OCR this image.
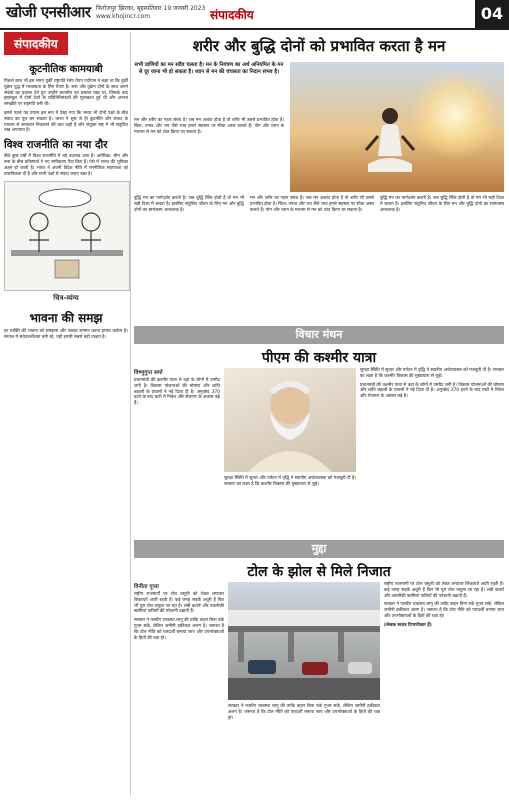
खोजी एनसीआर फिरोजपुर झिरका, बृहस्पतिवार 19 जनवरी 2023
www.khojincr.com	संपादकीय	04
संपादकीय
कूटनीतिक कामयाबी
पिछले साल भी इस समय तुर्की राष्ट्रपति रेचेप तैयप एर्दोगान ने कहा था कि तुर्की यूक्रेन युद्ध में मध्यस्थता के लिए तैयार है। रूस और यूक्रेन दोनों के साथ अपने संबंधों का हवाला देते हुए उन्होंने बातचीत का प्रस्ताव रखा था, जिसके बाद इस्तांबुल में दोनों देशों के प्रतिनिधिमंडलों की मुलाकात हुई थी और अनाज समझौते पर सहमति बनी थी।
इससे पहले यह प्रयास इस रूप में देखा गया कि भारत भी दोनों पक्षों के बीच संवाद का पुल बन सकता है। भारत ने शुरू से ही कूटनीति और संवाद के माध्यम से समाधान निकालने की बात कही है और संयुक्त राष्ट्र में भी संतुलित रुख अपनाया है।
विश्व राजनीति का नया दौर
बीते कुछ वर्षों में विश्व राजनीति में बड़े बदलाव आए हैं। अमेरिका, चीन और रूस के बीच प्रतिस्पर्धा ने नए समीकरण पैदा किए हैं। ऐसे में भारत की भूमिका अहम हो जाती है। भारत ने अपनी विदेश नीति में रणनीतिक स्वायत्तता को प्राथमिकता दी है और सभी पक्षों से संवाद बनाए रखा है।
चित्र-व्यंग्य
भावना की समझ
हर व्यक्ति की भावना को समझना और उसका सम्मान करना हमारा कर्तव्य है। समाज में संवेदनशीलता बनी रहे, यही हमारी सबसे बड़ी ताकत है।
शरीर और बुद्धि दोनों को प्रभावित करता है मन
सभी प्राणियों का मन सदैव चलता है। मन के नियंत्रण का अर्थ अनियमित के मन से दूर जाना भी हो सकता है। ध्यान से मन की चंचलता का निदान संभव है।
मन और शरीर का गहरा संबंध है। जब मन अशांत होता है तो शरीर भी उससे प्रभावित होता है। चिंता, तनाव और भय जैसे भाव हमारे स्वास्थ्य पर सीधा असर डालते हैं। योग और ध्यान के माध्यम से मन को शांत किया जा सकता है।
बुद्धि मन का मार्गदर्शन करती है। जब बुद्धि स्थिर होती है तो मन भी सही दिशा में चलता है। इसलिए संतुलित जीवन के लिए मन और बुद्धि दोनों का सामंजस्य आवश्यक है।
मन और शरीर का गहरा संबंध है। जब मन अशांत होता है तो शरीर भी उससे प्रभावित होता है। चिंता, तनाव और भय जैसे भाव हमारे स्वास्थ्य पर सीधा असर डालते हैं। योग और ध्यान के माध्यम से मन को शांत किया जा सकता है।
बुद्धि मन का मार्गदर्शन करती है। जब बुद्धि स्थिर होती है तो मन भी सही दिशा में चलता है। इसलिए संतुलित जीवन के लिए मन और बुद्धि दोनों का सामंजस्य आवश्यक है।
विचार मंथन
पीएम की कश्मीर यात्रा
विष्णुगुप्त शर्मा
प्रधानमंत्री की कश्मीर यात्रा से वहां के लोगों में उम्मीद जगी है। विकास योजनाओं की घोषणा और शांति बहाली के प्रयासों ने नई दिशा दी है। अनुच्छेद 370 हटने के बाद घाटी में निवेश और रोजगार के अवसर बढ़े हैं।
सुरक्षा स्थिति में सुधार और पर्यटन में वृद्धि ने स्थानीय अर्थव्यवस्था को मजबूती दी है। सरकार का लक्ष्य है कि कश्मीर विकास की मुख्यधारा से जुड़े।
प्रधानमंत्री की कश्मीर यात्रा से वहां के लोगों में उम्मीद जगी है। विकास योजनाओं की घोषणा और शांति बहाली के प्रयासों ने नई दिशा दी है। अनुच्छेद 370 हटने के बाद घाटी में निवेश और रोजगार के अवसर बढ़े हैं।
सुरक्षा स्थिति में सुधार और पर्यटन में वृद्धि ने स्थानीय अर्थव्यवस्था को मजबूती दी है। सरकार का लक्ष्य है कि कश्मीर विकास की मुख्यधारा से जुड़े।
मुद्दा
टोल के झोल से मिले निजात
विनीता गुप्ता
राष्ट्रीय राजमार्गों पर टोल वसूली को लेकर लगातार शिकायतें आती रहती हैं। कई जगह सड़कें अधूरी हैं फिर भी पूरा टोल वसूला जा रहा है। लंबी कतारें और तकनीकी खामियां यात्रियों की परेशानी बढ़ाती हैं।
सरकार ने फास्टैग व्यवस्था लागू की ताकि वाहन बिना रुके गुजर सकें, लेकिन जमीनी हकीकत अलग है। जरूरत है कि टोल नीति को पारदर्शी बनाया जाए और उपभोक्ताओं के हितों की रक्षा हो।
राष्ट्रीय राजमार्गों पर टोल वसूली को लेकर लगातार शिकायतें आती रहती हैं। कई जगह सड़कें अधूरी हैं फिर भी पूरा टोल वसूला जा रहा है। लंबी कतारें और तकनीकी खामियां यात्रियों की परेशानी बढ़ाती हैं।
सरकार ने फास्टैग व्यवस्था लागू की ताकि वाहन बिना रुके गुजर सकें, लेकिन जमीनी हकीकत अलग है। जरूरत है कि टोल नीति को पारदर्शी बनाया जाए और उपभोक्ताओं के हितों की रक्षा हो।
(लेखक स्वतंत्र टिप्पणीकार हैं)
सरकार ने फास्टैग व्यवस्था लागू की ताकि वाहन बिना रुके गुजर सकें, लेकिन जमीनी हकीकत अलग है। जरूरत है कि टोल नीति को पारदर्शी बनाया जाए और उपभोक्ताओं के हितों की रक्षा हो।
